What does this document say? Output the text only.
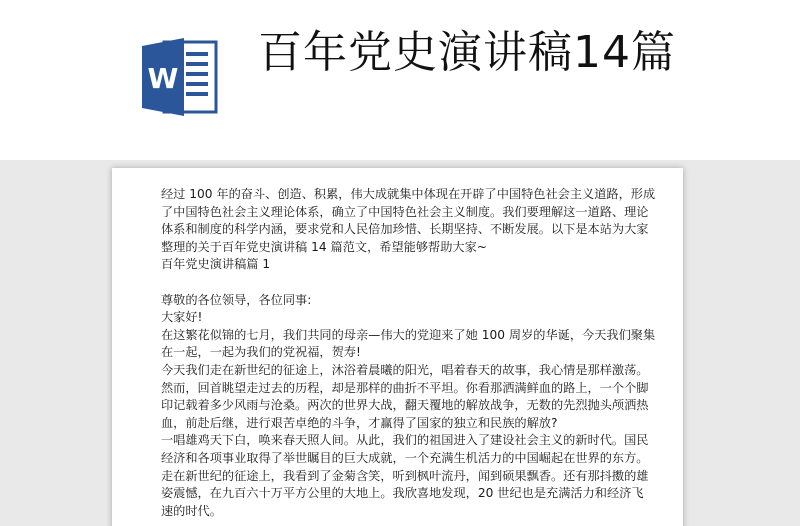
W
百年党史演讲稿14篇

经过 100 年的奋斗、创造、积累，伟大成就集中体现在开辟了中国特色社会主义道路，形成

了中国特色社会主义理论体系，确立了中国特色社会主义制度。我们要理解这一道路、理论

体系和制度的科学内涵，要求党和人民倍加珍惜、长期坚持、不断发展。以下是本站为大家

整理的关于百年党史演讲稿 14 篇范文，希望能够帮助大家~

百年党史演讲稿篇 1

尊敬的各位领导，各位同事:

大家好!

在这繁花似锦的七月，我们共同的母亲—伟大的党迎来了她 100 周岁的华诞，今天我们聚集

在一起，一起为我们的党祝福，贺寿!

今天我们走在新世纪的征途上，沐浴着晨曦的阳光，唱着春天的故事，我心情是那样激荡。

然而，回首眺望走过去的历程，却是那样的曲折不平坦。你看那洒满鲜血的路上，一个个脚

印记载着多少风雨与沧桑。两次的世界大战，翻天覆地的解放战争，无数的先烈抛头颅洒热

血，前赴后继，进行艰苦卓绝的斗争，才赢得了国家的独立和民族的解放?

一唱雄鸡天下白，唤来春天照人间。从此，我们的祖国进入了建设社会主义的新时代。国民

经济和各项事业取得了举世瞩目的巨大成就，一个充满生机活力的中国崛起在世界的东方。

走在新世纪的征途上，我看到了金菊含笑，听到枫叶流丹，闻到硕果飘香。还有那抖擞的雄

姿震憾，在九百六十万平方公里的大地上。我欣喜地发现，20 世纪也是充满活力和经济飞

速的时代。
